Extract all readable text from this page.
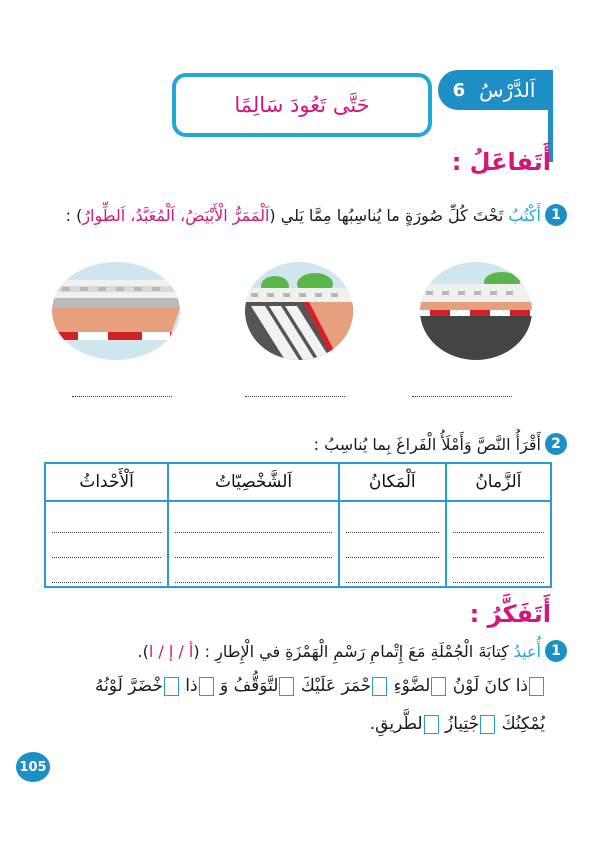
اَلدَّرْسُ
6
حَتَّى تَعُودَ سَالِمًا
أَتَفاعَلُ :
1
أَكْتُبُ تَحْتَ كُلِّ صُورَةٍ ما يُناسِبُها مِمَّا يَلي (اَلْمَمَرُّ الْأَبْيَضُ، اَلْمُعَبَّدُ، اَلطِّوارُ) :
2
أَقْرَأُ النَّصَّ وَأَمْلَأُ الْفَراغَ بِما يُناسِبُ :
اَلزَّمانُ	اَلْمَكانُ	اَلشَّخْصِيّاتُ	اَلْأَحْداثُ

أَتَفَكَّرُ :
1
أُعيدُ كِتابَةَ الْجُمْلَةِ مَعَ إِتْمامِ رَسْمِ الْهَمْزَةِ في الْإِطارِ : (أ / إ / ا).
ذا كانَ لَوْنُ لضَّوْءِ حْمَرَ عَلَيْكَ لتَّوَقُّفُ وَ ذا خْضَرَّ لَوْنُهُ
يُمْكِنُكَ جْتِيازُ لطَّريقِ.
105
